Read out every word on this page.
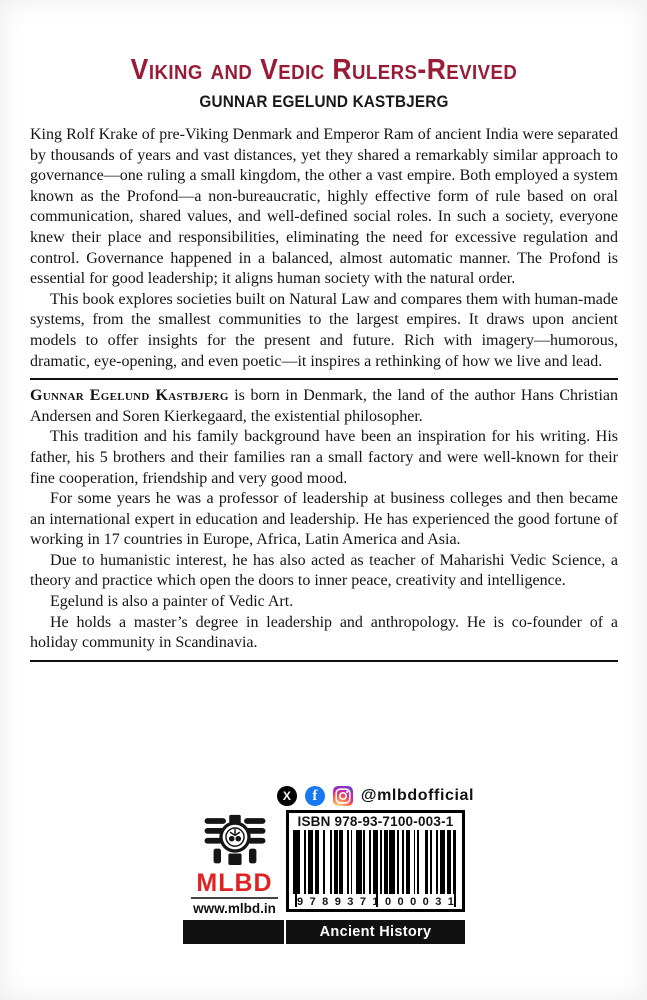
Viking and Vedic Rulers-Revived
GUNNAR EGELUND KASTBJERG

King Rolf Krake of pre-Viking Denmark and Emperor Ram of ancient India were separated by thousands of years and vast distances, yet they shared a remarkably similar approach to governance—one ruling a small kingdom, the other a vast empire. Both employed a system known as the Profond—a non-bureaucratic, highly effective form of rule based on oral communication, shared values, and well-defined social roles. In such a society, everyone knew their place and responsibilities, eliminating the need for excessive regulation and control. Governance happened in a balanced, almost automatic manner. The Profond is essential for good leadership; it aligns human society with the natural order.

This book explores societies built on Natural Law and compares them with human-made systems, from the smallest communities to the largest empires. It draws upon ancient models to offer insights for the present and future. Rich with imagery—humorous, dramatic, eye-opening, and even poetic—it inspires a rethinking of how we live and lead.

Gunnar Egelund Kastbjerg is born in Denmark, the land of the author Hans Christian Andersen and Soren Kierkegaard, the existential philosopher.

This tradition and his family background have been an inspiration for his writing. His father, his 5 brothers and their families ran a small factory and were well-known for their fine cooperation, friendship and very good mood.

For some years he was a professor of leadership at business colleges and then became an international expert in education and leadership. He has experienced the good fortune of working in 17 countries in Europe, Africa, Latin America and Asia.

Due to humanistic interest, he has also acted as teacher of Maharishi Vedic Science, a theory and practice which open the doors to inner peace, creativity and intelligence.

Egelund is also a painter of Vedic Art.

He holds a master’s degree in leadership and anthropology. He is co-founder of a holiday community in Scandinavia.

X	f	@mlbdofficial
MLBD
www.mlbd.in
ISBN 978-93-7100-003-1
9 7 8 9 3 7 1 0 0 0 0 3 1
Ancient History
